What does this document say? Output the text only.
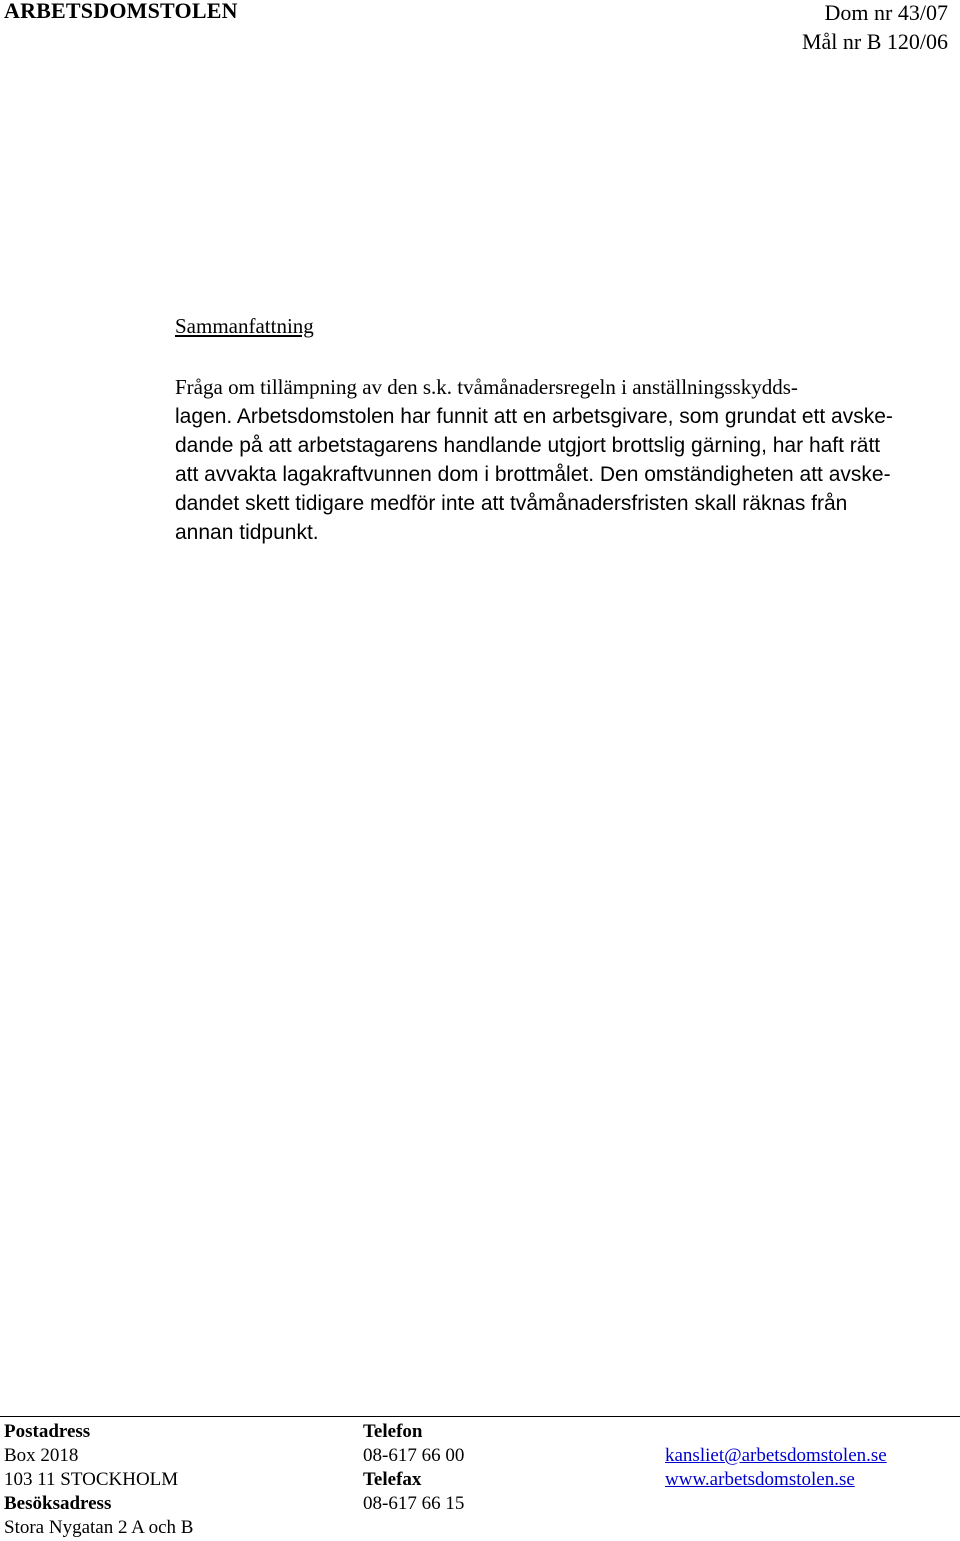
ARBETSDOMSTOLEN	Dom nr 43/07
Mål nr B 120/06
Sammanfattning
Fråga om tillämpning av den s.k. tvåmånadersregeln i anställningsskydds-
lagen. Arbetsdomstolen har funnit att en arbetsgivare, som grundat ett avske-
dande på att arbetstagarens handlande utgjort brottslig gärning, har haft rätt
att avvakta lagakraftvunnen dom i brottmålet. Den omständigheten att avske-
dandet skett tidigare medför inte att tvåmånadersfristen skall räknas från
annan tidpunkt.
Postadress
Box 2018
103 11 STOCKHOLM
Besöksadress
Stora Nygatan 2 A och B
Telefon
08-617 66 00
Telefax
08-617 66 15
kansliet@arbetsdomstolen.se
www.arbetsdomstolen.se
